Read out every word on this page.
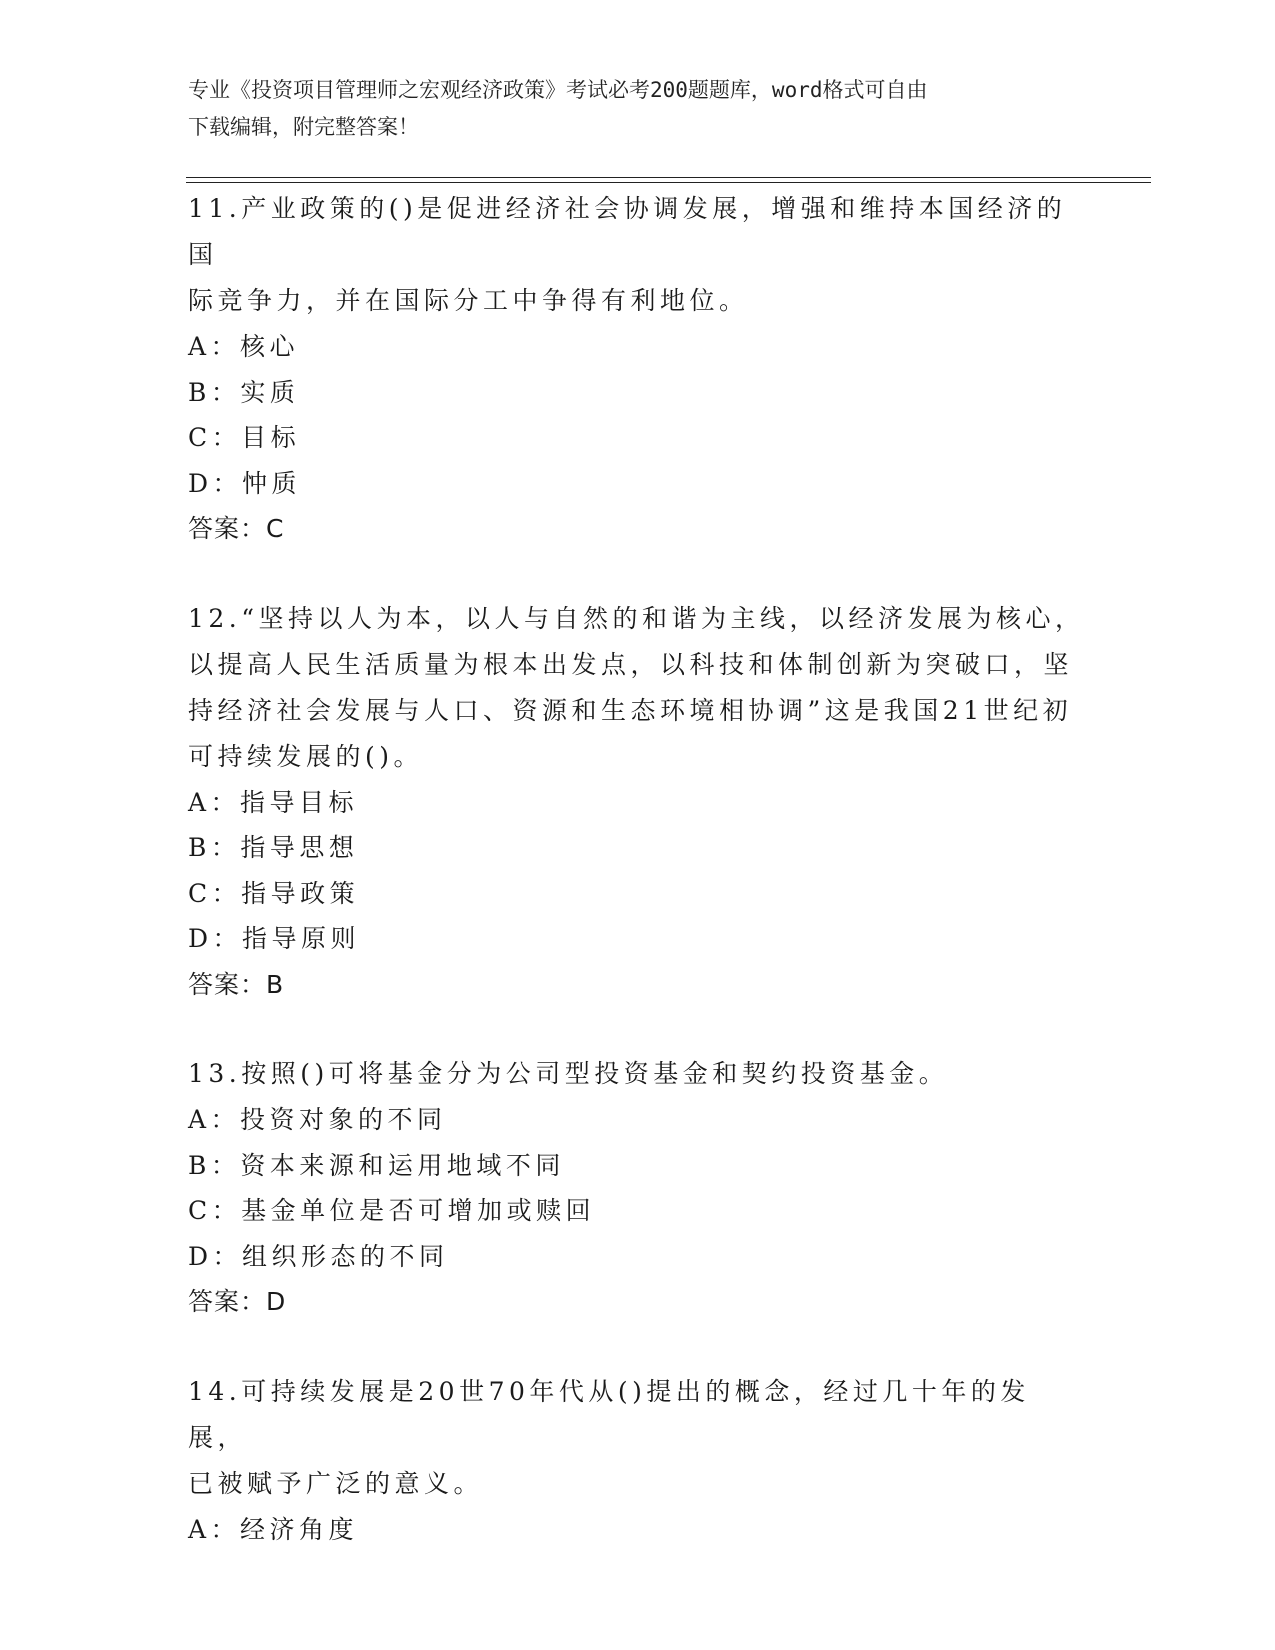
专业《投资项目管理师之宏观经济政策》考试必考200题题库，word格式可自由
下载编辑，附完整答案！

11.产业政策的()是促进经济社会协调发展，增强和维持本国经济的国
际竞争力，并在国际分工中争得有利地位。

A：核心
B：实质
C：目标
D：忡质
答案：C

12.“坚持以人为本，以人与自然的和谐为主线，以经济发展为核心，
以提高人民生活质量为根本出发点，以科技和体制创新为突破口，坚
持经济社会发展与人口、资源和生态环境相协调”这是我国21世纪初
可持续发展的()。

A：指导目标
B：指导思想
C：指导政策
D：指导原则
答案：B

13.按照()可将基金分为公司型投资基金和契约投资基金。

A：投资对象的不同
B：资本来源和运用地域不同
C：基金单位是否可增加或赎回
D：组织形态的不同
答案：D

14.可持续发展是20世70年代从()提出的概念，经过几十年的发展，
已被赋予广泛的意义。

A：经济角度
